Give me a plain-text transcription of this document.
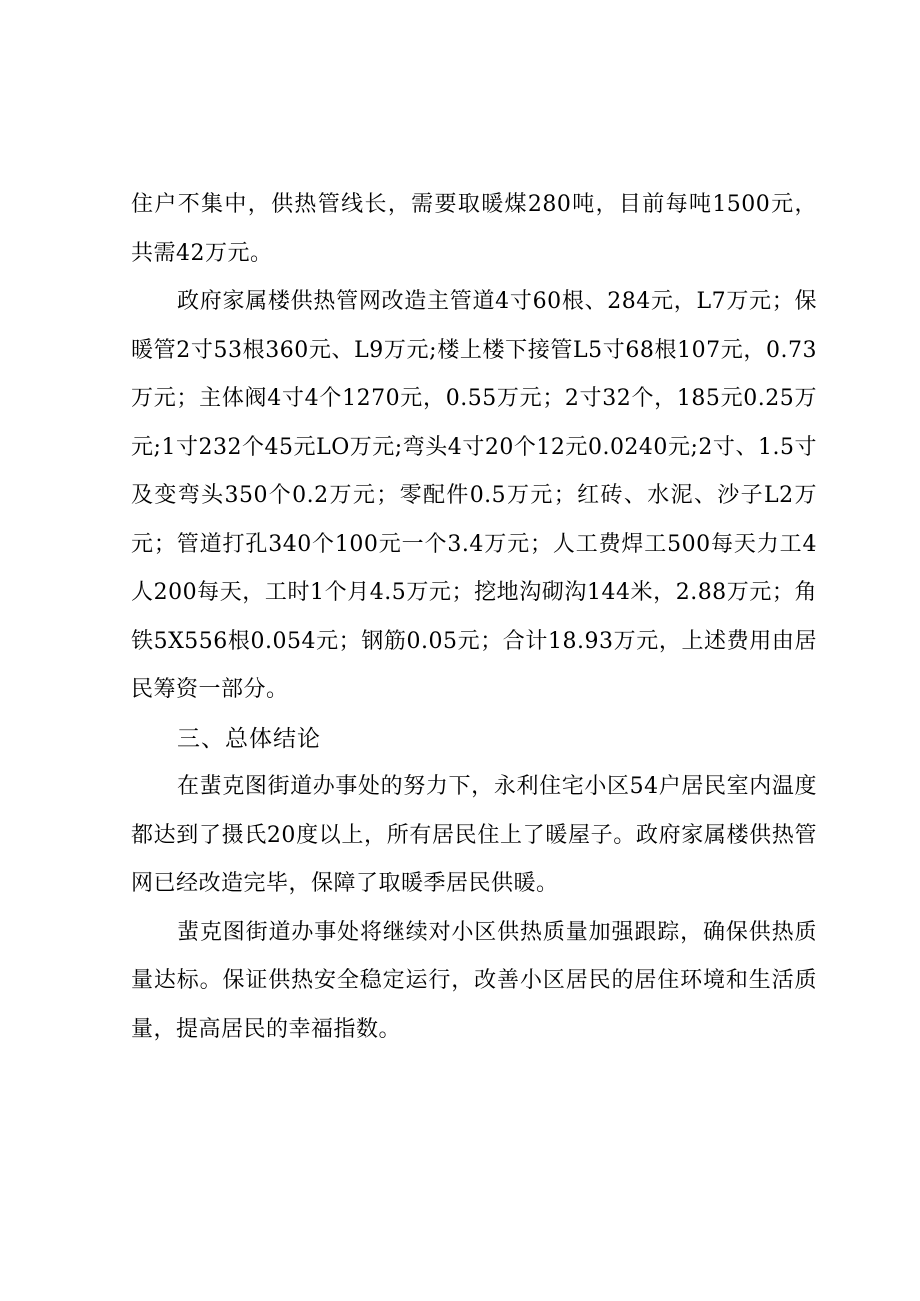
住户不集中，供热管线长，需要取暖煤280吨，目前每吨1500元，共需42万元。

政府家属楼供热管网改造主管道4寸60根、284元，L7万元；保暖管2寸53根360元、L9万元;楼上楼下接管L5寸68根107元，0.73万元；主体阀4寸4个1270元，0.55万元；2寸32个，185元0.25万元;1寸232个45元LO万元;弯头4寸20个12元0.0240元;2寸、1.5寸及变弯头350个0.2万元；零配件0.5万元；红砖、水泥、沙子L2万元；管道打孔340个100元一个3.4万元；人工费焊工500每天力工4人200每天，工时1个月4.5万元；挖地沟砌沟144米，2.88万元；角铁5X556根0.054元；钢筋0.05元；合计18.93万元，上述费用由居民筹资一部分。

三、总体结论

在蜚克图街道办事处的努力下，永利住宅小区54户居民室内温度都达到了摄氏20度以上，所有居民住上了暖屋子。政府家属楼供热管网已经改造完毕，保障了取暖季居民供暖。

蜚克图街道办事处将继续对小区供热质量加强跟踪，确保供热质量达标。保证供热安全稳定运行，改善小区居民的居住环境和生活质量，提高居民的幸福指数。
